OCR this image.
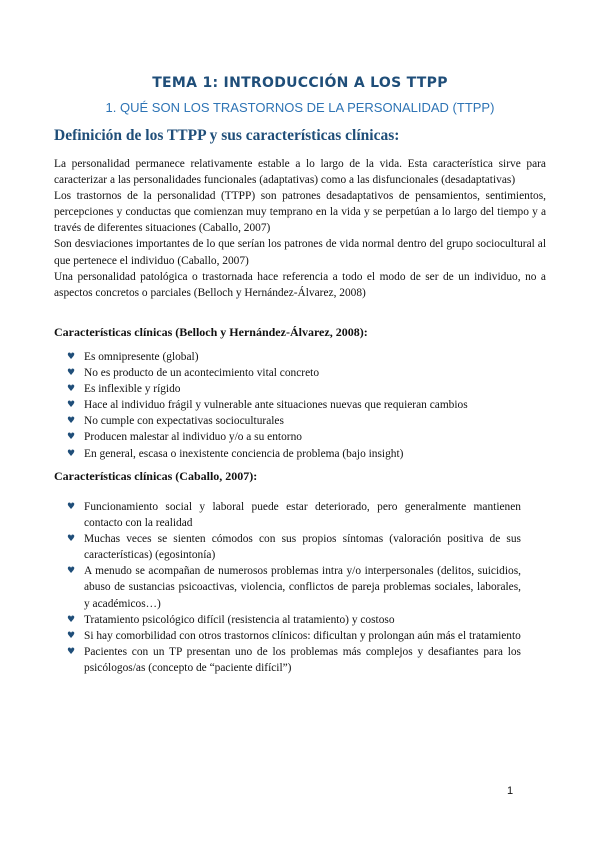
TEMA 1: INTRODUCCIÓN A LOS TTPP
1. QUÉ SON LOS TRASTORNOS DE LA PERSONALIDAD (TTPP)
Definición de los TTPP y sus características clínicas:

La personalidad permanece relativamente estable a lo largo de la vida. Esta característica sirve para caracterizar a las personalidades funcionales (adaptativas) como a las disfuncionales (desadaptativas)

Los trastornos de la personalidad (TTPP) son patrones desadaptativos de pensamientos, sentimientos, percepciones y conductas que comienzan muy temprano en la vida y se perpetúan a lo largo del tiempo y a través de diferentes situaciones (Caballo, 2007)

Son desviaciones importantes de lo que serían los patrones de vida normal dentro del grupo sociocultural al que pertenece el individuo (Caballo, 2007)

Una personalidad patológica o trastornada hace referencia a todo el modo de ser de un individuo, no a aspectos concretos o parciales (Belloch y Hernández-Álvarez, 2008)

Características clínicas (Belloch y Hernández-Álvarez, 2008):
♥ Es omnipresente (global)
♥ No es producto de un acontecimiento vital concreto
♥ Es inflexible y rígido
♥ Hace al individuo frágil y vulnerable ante situaciones nuevas que requieran cambios
♥ No cumple con expectativas socioculturales
♥ Producen malestar al individuo y/o a su entorno
♥ En general, escasa o inexistente conciencia de problema (bajo insight)
Características clínicas (Caballo, 2007):
♥ Funcionamiento social y laboral puede estar deteriorado, pero generalmente mantienen contacto con la realidad
♥ Muchas veces se sienten cómodos con sus propios síntomas (valoración positiva de sus características) (egosintonía)
♥ A menudo se acompañan de numerosos problemas intra y/o interpersonales (delitos, suicidios, abuso de sustancias psicoactivas, violencia, conflictos de pareja problemas sociales, laborales, y académicos…)
♥ Tratamiento psicológico difícil (resistencia al tratamiento) y costoso
♥ Si hay comorbilidad con otros trastornos clínicos: dificultan y prolongan aún más el tratamiento
♥ Pacientes con un TP presentan uno de los problemas más complejos y desafiantes para los psicólogos/as (concepto de “paciente difícil”)
1
